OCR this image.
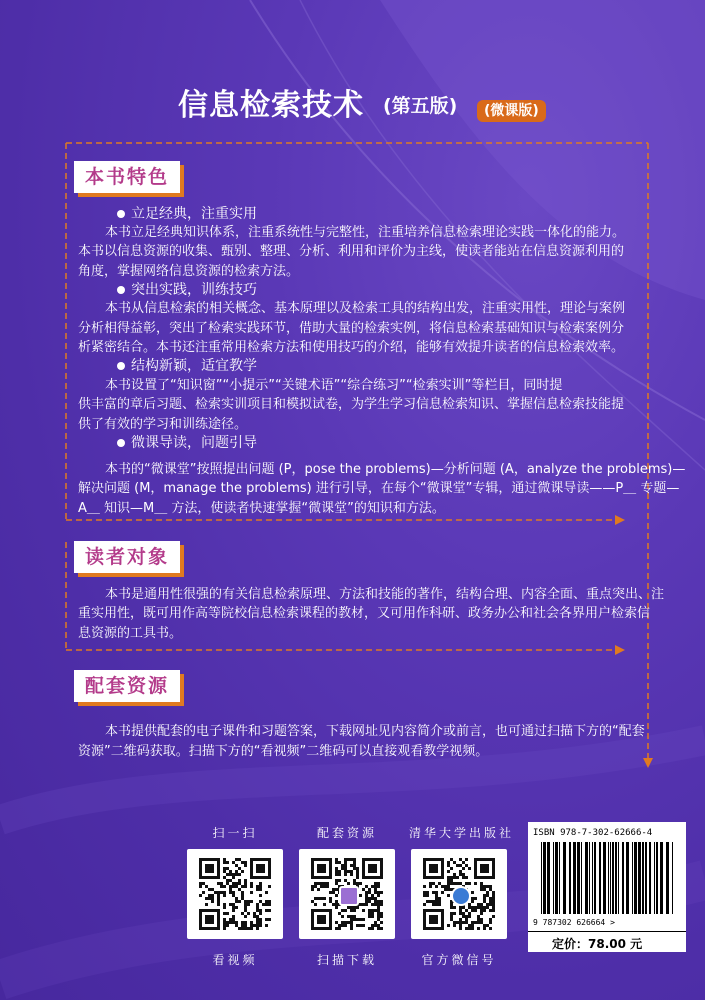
信息检索技术 (第五版)	(微课版)
本书特色
立足经典，注重实用
本书立足经典知识体系，注重系统性与完整性，注重培养信息检索理论实践一体化的能力。
本书以信息资源的收集、甄别、整理、分析、利用和评价为主线，使读者能站在信息资源利用的
角度，掌握网络信息资源的检索方法。
突出实践，训练技巧
本书从信息检索的相关概念、基本原理以及检索工具的结构出发，注重实用性，理论与案例
分析相得益彰，突出了检索实践环节，借助大量的检索实例，将信息检索基础知识与检索案例分
析紧密结合。本书还注重常用检索方法和使用技巧的介绍，能够有效提升读者的信息检索效率。
结构新颖，适宜教学
本书设置了“知识窗”“小提示”“关键术语”“综合练习”“检索实训”等栏目，同时提
供丰富的章后习题、检索实训项目和模拟试卷，为学生学习信息检索知识、掌握信息检索技能提
供了有效的学习和训练途径。
微课导读，问题引导
本书的“微课堂”按照提出问题 (P，pose the problems)—分析问题 (A，analyze the problems)—
解决问题 (M，manage the problems) 进行引导，在每个“微课堂”专辑，通过微课导读——P＿ 专题—
A＿ 知识—M＿ 方法，使读者快速掌握“微课堂”的知识和方法。
读者对象
本书是通用性很强的有关信息检索原理、方法和技能的著作，结构合理、内容全面、重点突出、注
重实用性，既可用作高等院校信息检索课程的教材，又可用作科研、政务办公和社会各界用户检索信
息资源的工具书。
配套资源
本书提供配套的电子课件和习题答案，下载网址见内容简介或前言，也可通过扫描下方的“配套
资源”二维码获取。扫描下方的“看视频”二维码可以直接观看教学视频。
扫一扫
看视频
配套资源
扫描下载
清华大学出版社
官方微信号
ISBN 978-7-302-62666-4
9 787302 626664 >
定价：78.00 元
